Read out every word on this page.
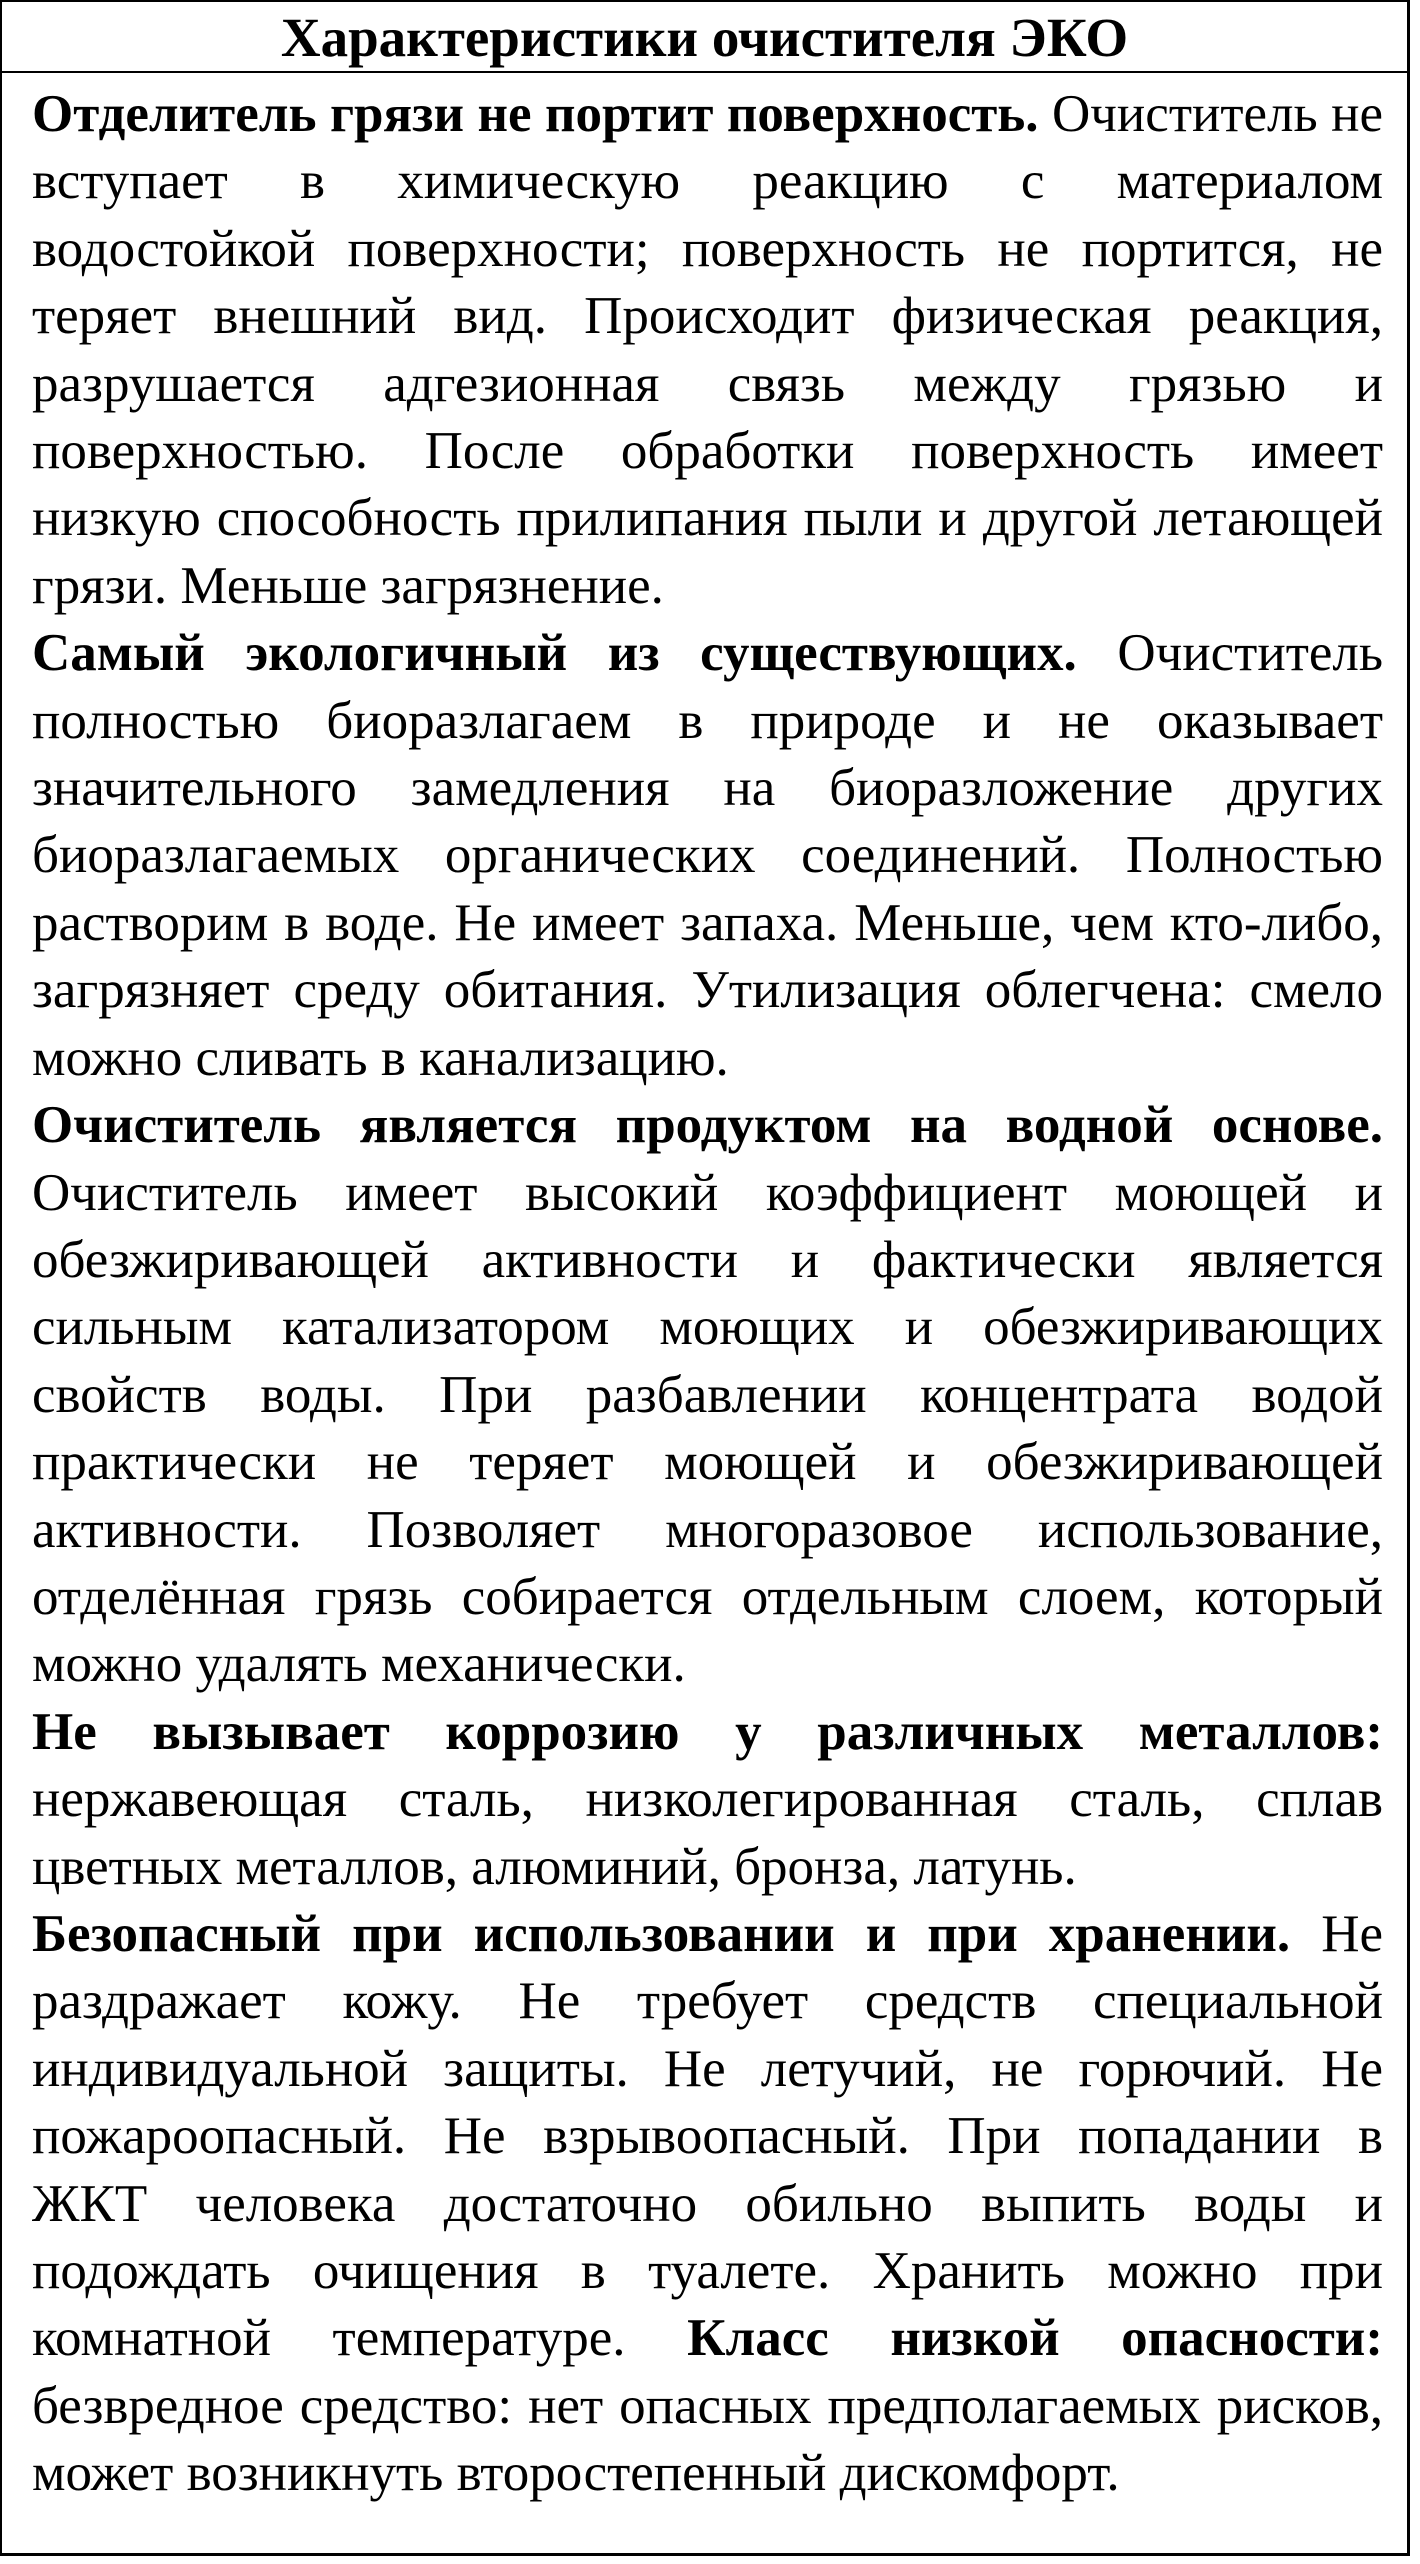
Характеристики очистителя ЭКО

Отделитель грязи не портит поверхность. Очиститель не вступает в химическую реакцию с материалом водостойкой поверхности; поверхность не портится, не теряет внешний вид. Происходит физическая реакция, разрушается адгезионная связь между грязью и поверхностью. После обработки поверхность имеет низкую способность прилипания пыли и другой летающей грязи. Меньше загрязнение.

Самый экологичный из существующих. Очиститель полностью биоразлагаем в природе и не оказывает значительного замедления на биоразложение других биоразлагаемых органических соединений. Полностью растворим в воде. Не имеет запаха. Меньше, чем кто-либо, загрязняет среду обитания. Утилизация облегчена: смело можно сливать в канализацию.

Очиститель является продуктом на водной основе. Очиститель имеет высокий коэффициент моющей и обезжиривающей активности и фактически является сильным катализатором моющих и обезжиривающих свойств воды. При разбавлении концентрата водой практически не теряет моющей и обезжиривающей активности. Позволяет многоразовое использование, отделённая грязь собирается отдельным слоем, который можно удалять механически.

Не вызывает коррозию у различных металлов: нержавеющая сталь, низколегированная сталь, сплав цветных металлов, алюминий, бронза, латунь.

Безопасный при использовании и при хранении. Не раздражает кожу. Не требует средств специальной индивидуальной защиты. Не летучий, не горючий. Не пожароопасный. Не взрывоопасный. При попадании в ЖКТ человека достаточно обильно выпить воды и подождать очищения в туалете. Хранить можно при комнатной температуре. Класс низкой опасности: безвредное средство: нет опасных предполагаемых рисков, может возникнуть второстепенный дискомфорт.
